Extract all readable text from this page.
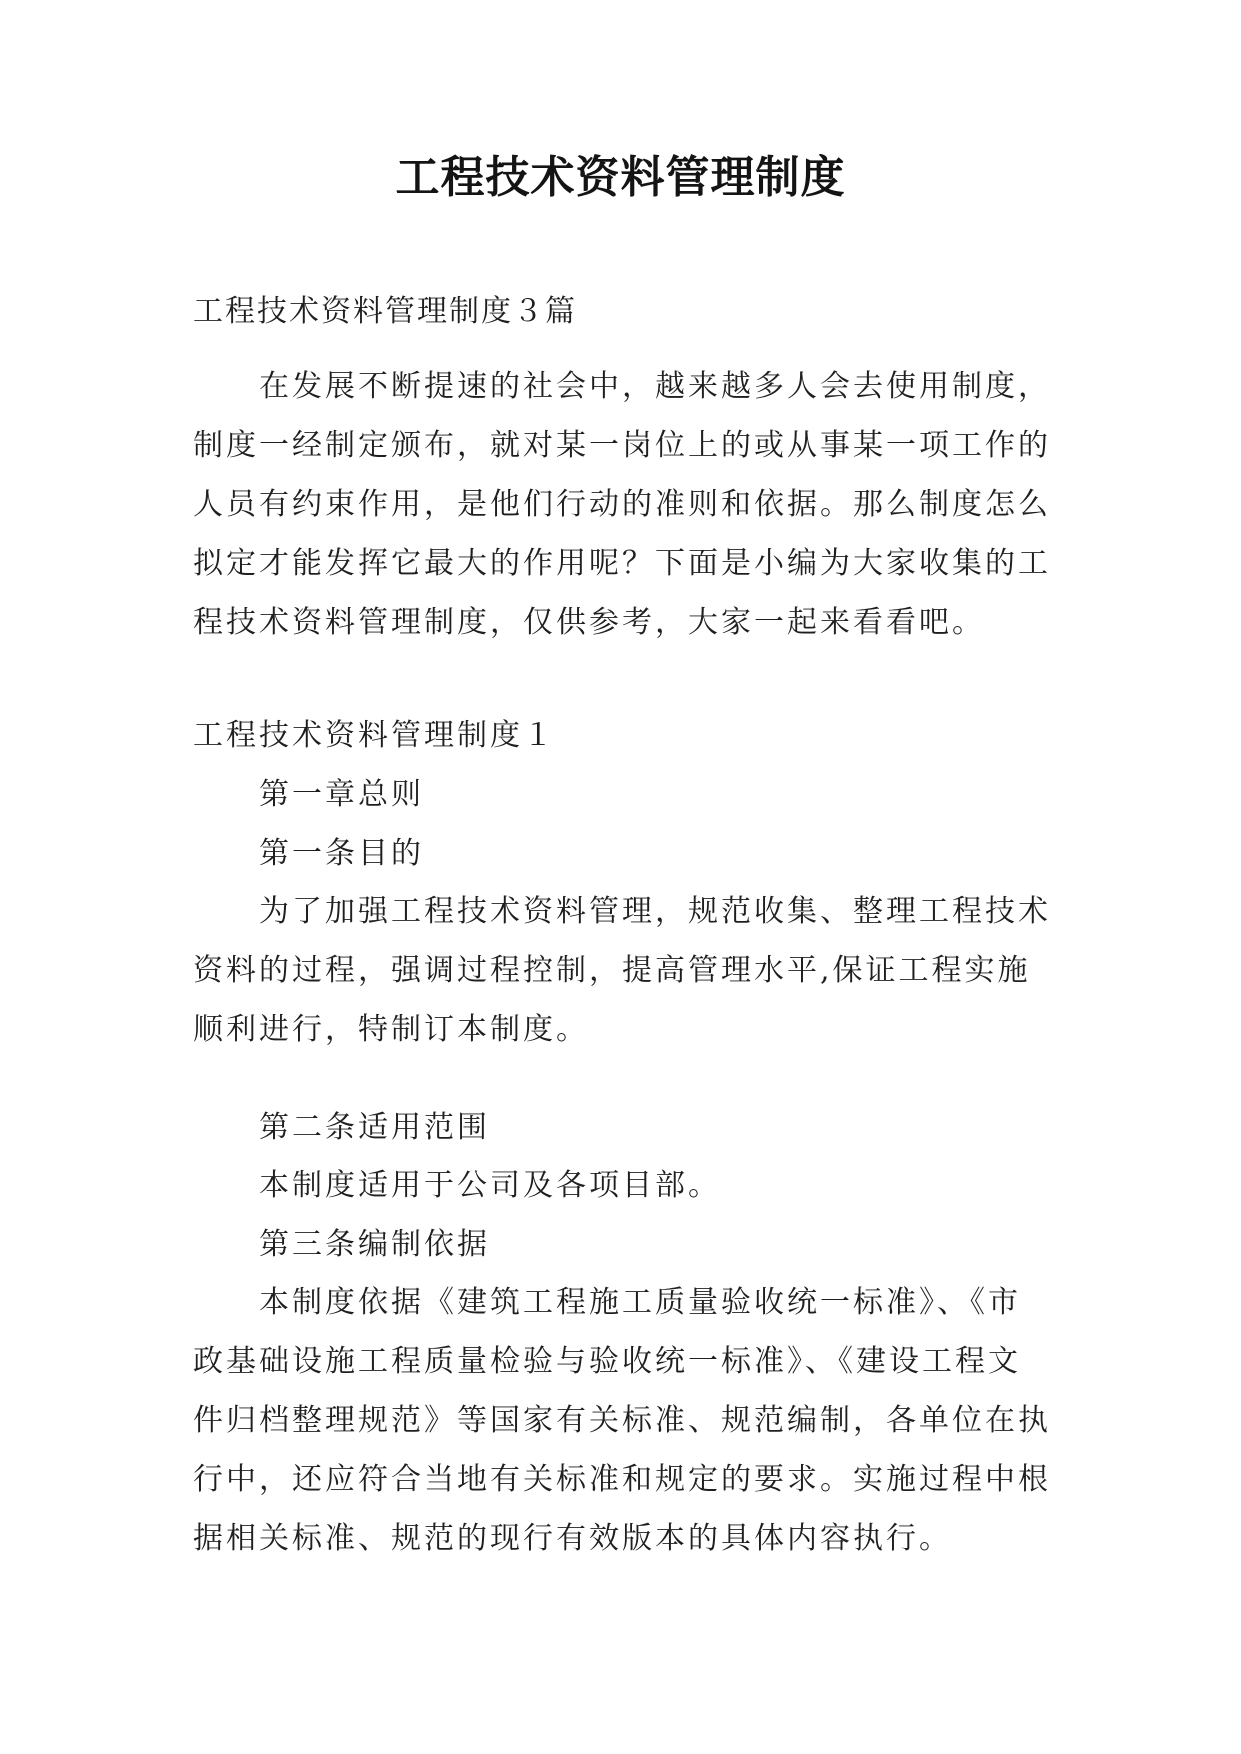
工程技术资料管理制度

工程技术资料管理制度３篇

在发展不断提速的社会中，越来越多人会去使用制度，制度一经制定颁布，就对某一岗位上的或从事某一项工作的人员有约束作用，是他们行动的准则和依据。那么制度怎么拟定才能发挥它最大的作用呢？下面是小编为大家收集的工程技术资料管理制度，仅供参考，大家一起来看看吧。

工程技术资料管理制度１

第一章总则

第一条目的

为了加强工程技术资料管理，规范收集、整理工程技术资料的过程，强调过程控制，提高管理水平,保证工程实施顺利进行，特制订本制度。

第二条适用范围

本制度适用于公司及各项目部。

第三条编制依据

本制度依据《建筑工程施工质量验收统一标准》、《市政基础设施工程质量检验与验收统一标准》、《建设工程文件归档整理规范》等国家有关标准、规范编制，各单位在执行中，还应符合当地有关标准和规定的要求。实施过程中根据相关标准、规范的现行有效版本的具体内容执行。
